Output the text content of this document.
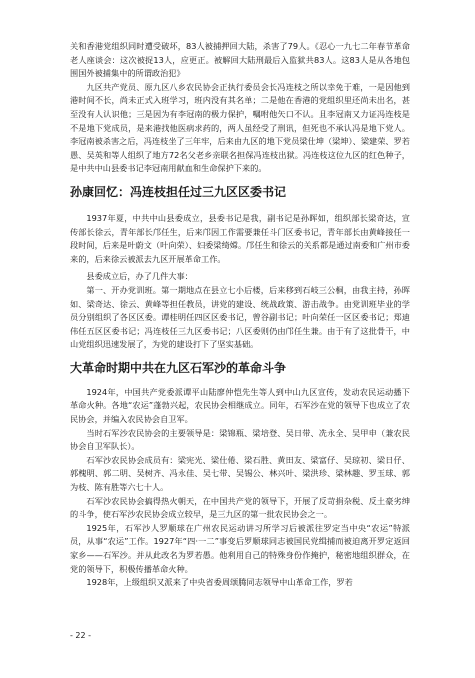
关和香港党组织同时遭受破坏，83人被捕押回大陆，杀害了79人。《忍心一九七二年春节革命老人座谈会：这次被捉13人，应更正。被解回大陆刑最后入监狱共83人。这83人是从各地包围国外被捕集中的所谓政治犯》

九区共产党员、原九区八乡农民协会正执行委员会长冯连枝之所以幸免于难，一是因他到港时间不长，尚未正式入班学习，班内没有其名单；二是他在香港的党组织里还尚未出名，甚至没有人认识他；三是因为有李冠南的极力保护，嘱咐他矢口不认。且李冠南又力证冯连枝是不是地下党成员，是来港找他医病求药的，两人虽经受了刑讯，但死也不承认冯是地下党人。李冠南被杀害之后，冯连枝坐了三年牢，后来由九区的地下党员梁仕坤（梁坤）、梁建荣、罗若愚、吴英和等人组织了地方72名父老乡亲联名担保冯连枝出狱。冯连枝这位九区的红色种子，是中共中山县委书记李冠南用献血和生命保护下来的。

孙康回忆：冯连枝担任过三九区区委书记

1937年夏，中共中山县委成立，县委书记是我，副书记是孙晖如，组织部长梁奇达，宣传部长徐云，青年部长邝任生，后来邝因工作需要兼任斗门区委书记，青年部长由黄峰接任一段时间，后来是叶蔚文（叶向荣）、妇委梁绮嫦。邝任生和徐云的关系都是通过南委和广州市委来的，后来徐云被派去九区开展革命工作。

县委成立后，办了几件大事：

第一、开办党训班。第一期地点在县立七小后楼，后来移到石岐三公桐，由我主持，孙晖如、梁奇达、徐云、黄峰等担任教员，讲党的建设、统战政策、游击战争。由党训班毕业的学员分别组织了各区区委。谭桂明任四区区委书记，曾谷副书记；叶向荣任一区区委书记；郑迪伟任五区区委书记；冯连枝任三九区委书记；八区委则仍由邝任生兼。由于有了这批骨干，中山党组织迅速发展了，为党的建设打下了坚实基础。

大革命时期中共在九区石军沙的革命斗争

1924年，中国共产党委派谭平山陆廖仲恺先生等人到中山九区宣传，发动农民运动播下革命火种。各地“农运”蓬勃兴起，农民协会相继成立。同年，石军沙在党的领导下也成立了农民协会，并编入农民协会自卫军。

当时石军沙农民协会的主要领导是：梁锦瓶、梁培登、吴日带、冼永全、吴甲申（兼农民协会自卫军队长）。

石军沙农民协会成员有：梁宪光、梁仕倦、梁石胜、黄田友、梁富仔、吴琼初、梁日仔、郭槐明、郭二明、吴树齐、冯永佳、吴七带、吴锡公、林兴叶、梁洪珍、梁林趣、罗玉球、郭为枝、陈有胜等六七十人。

石军沙农民协会搞得热火朝天，在中国共产党的领导下，开展了反苛捐杂税、反土豪劣绅的斗争，使石军沙农民协会成立较早，是三九区的第一批农民协会之一。

1925年，石军沙人罗顺球在广州农民运动讲习所学习后被派往罗定当中央“农运”特派员，从事“农运”工作。1927年“四·一二”事变后罗顺球同志被国民党缉捕而被迫离开罗定返回家乡——石军沙。并从此改名为罗若愚。他利用自己的特殊身份作掩护，秘密地组织群众，在党的领导下，积极传播革命火种。

1928年，上级组织又派来了中央省委周颂腾同志领导中山革命工作，罗若

- 22 -
